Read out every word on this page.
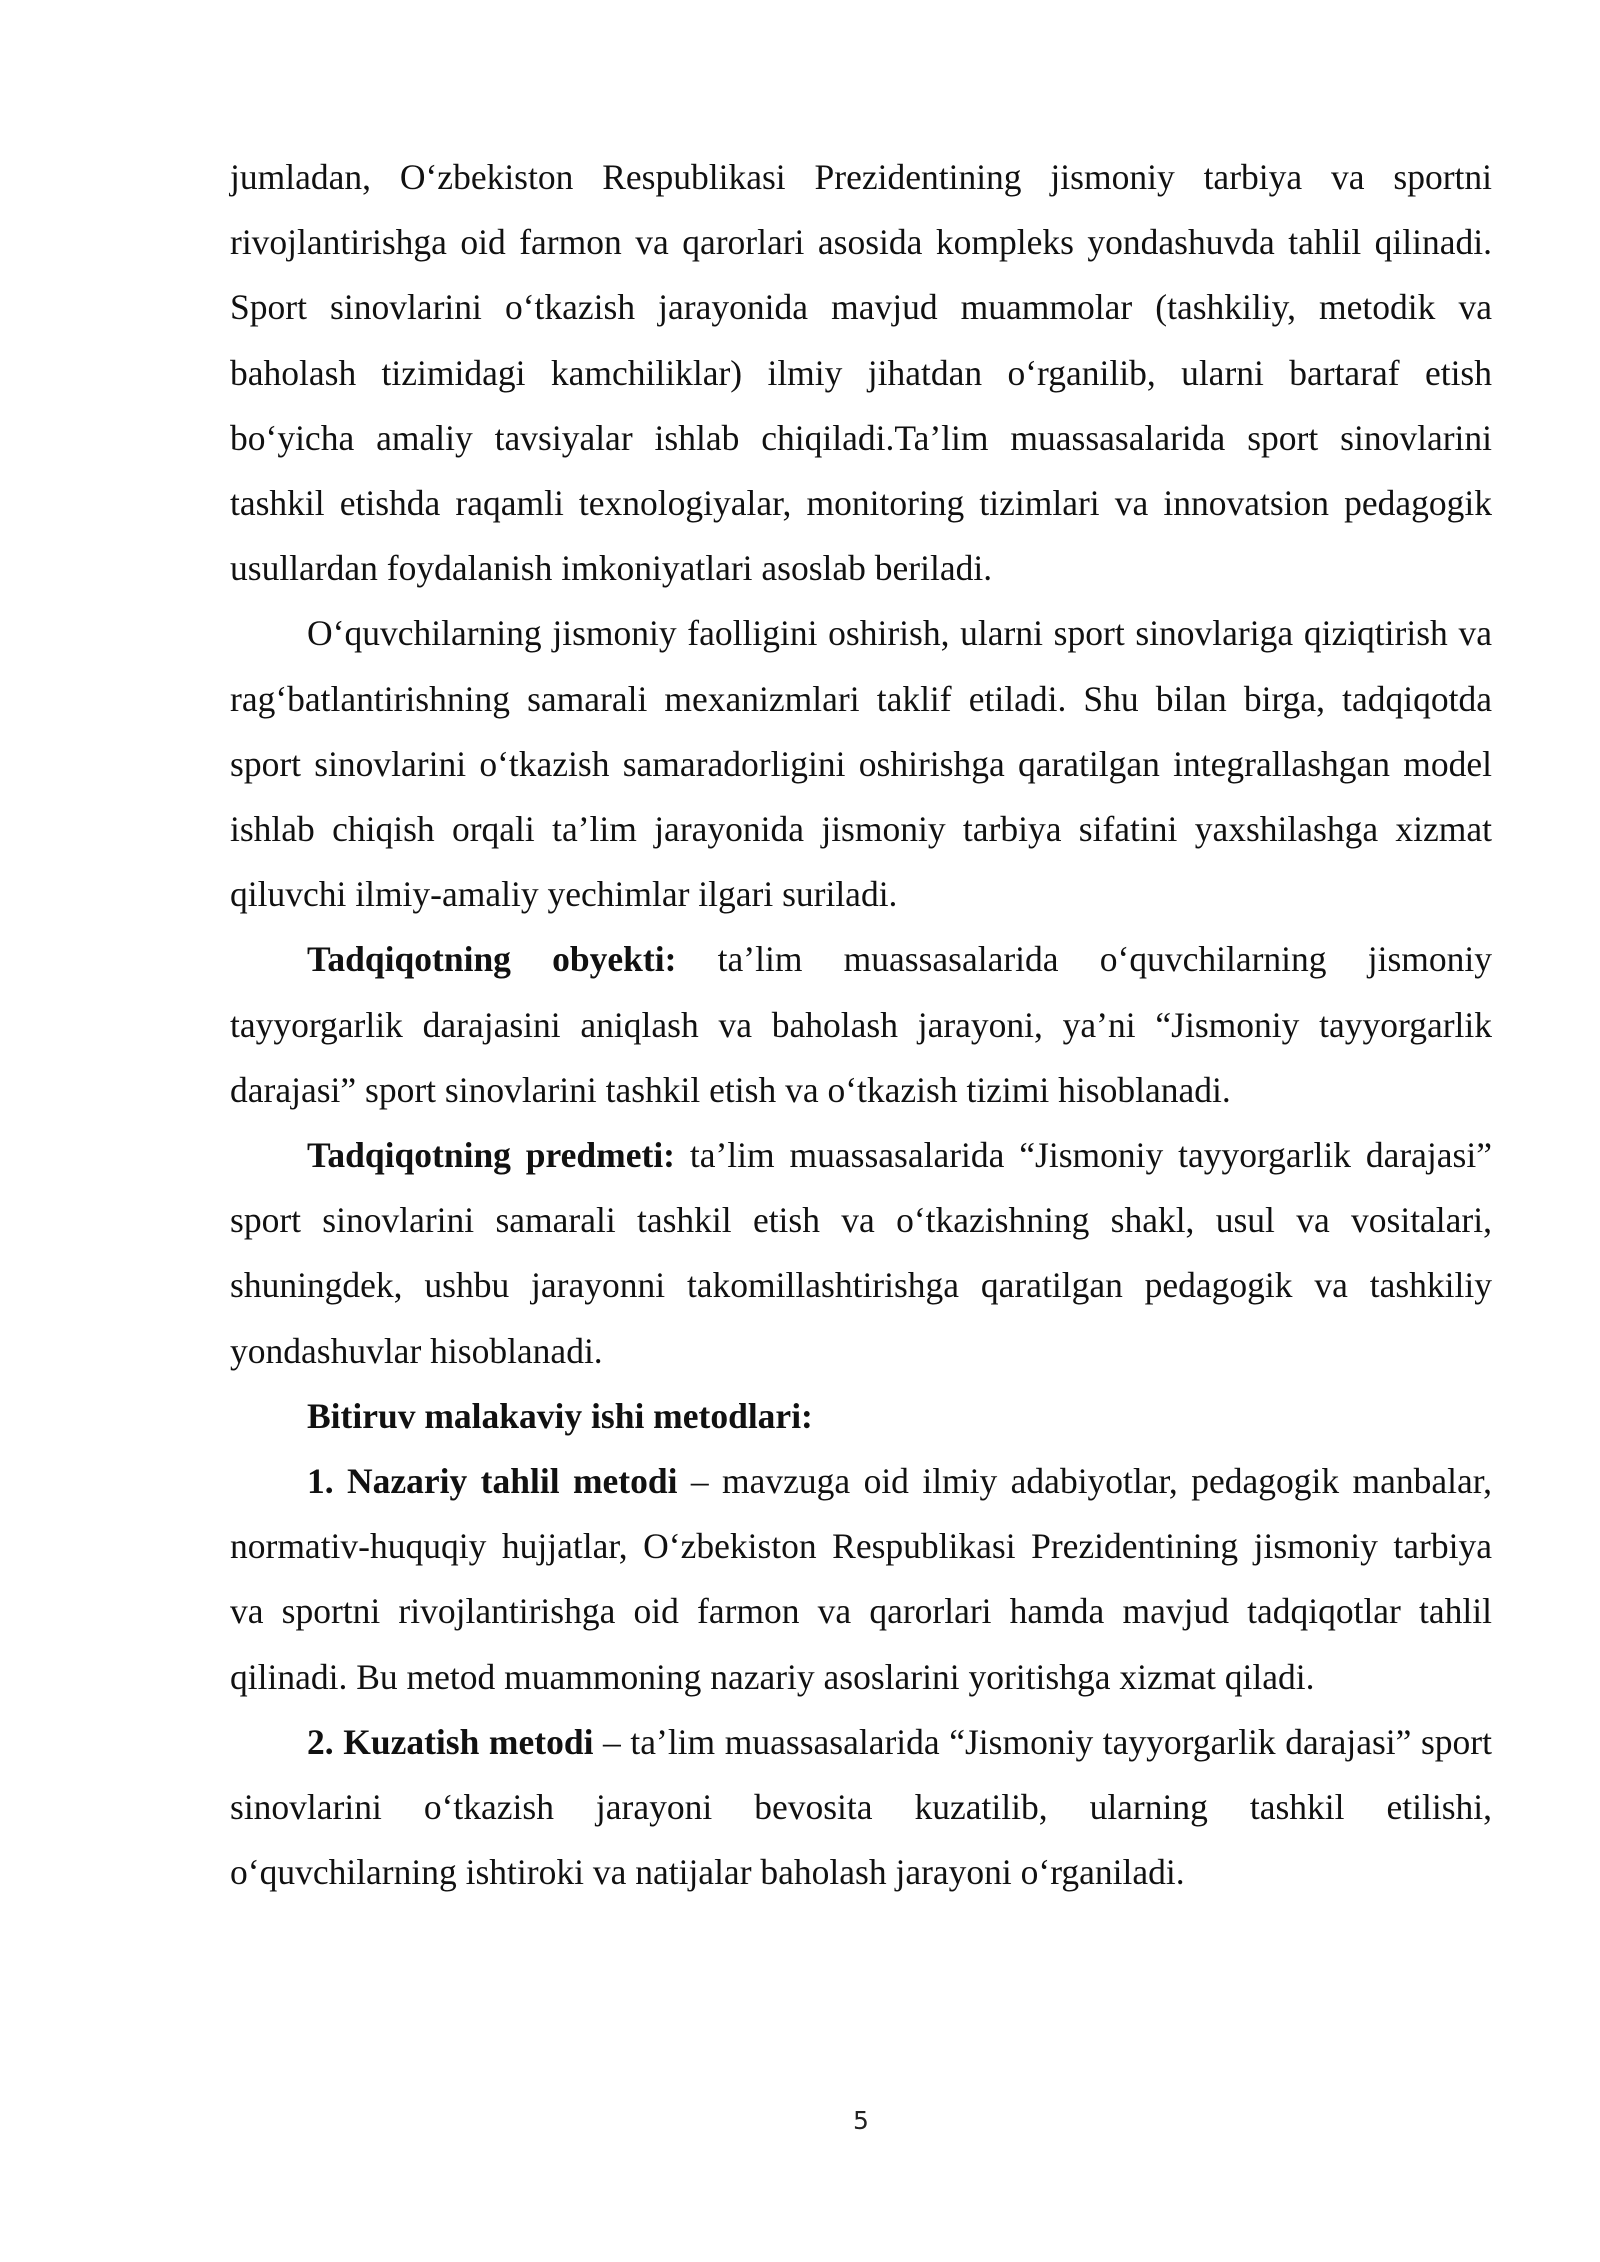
jumladan, O‘zbekiston Respublikasi Prezidentining jismoniy tarbiya va sportni rivojlantirishga oid farmon va qarorlari asosida kompleks yondashuvda tahlil qilinadi. Sport sinovlarini o‘tkazish jarayonida mavjud muammolar (tashkiliy, metodik va baholash tizimidagi kamchiliklar) ilmiy jihatdan o‘rganilib, ularni bartaraf etish bo‘yicha amaliy tavsiyalar ishlab chiqiladi.Ta’lim muassasalarida sport sinovlarini tashkil etishda raqamli texnologiyalar, monitoring tizimlari va innovatsion pedagogik usullardan foydalanish imkoniyatlari asoslab beriladi.

O‘quvchilarning jismoniy faolligini oshirish, ularni sport sinovlariga qiziqtirish va rag‘batlantirishning samarali mexanizmlari taklif etiladi. Shu bilan birga, tadqiqotda sport sinovlarini o‘tkazish samaradorligini oshirishga qaratilgan integrallashgan model ishlab chiqish orqali ta’lim jarayonida jismoniy tarbiya sifatini yaxshilashga xizmat qiluvchi ilmiy-amaliy yechimlar ilgari suriladi.

Tadqiqotning obyekti: ta’lim muassasalarida o‘quvchilarning jismoniy tayyorgarlik darajasini aniqlash va baholash jarayoni, ya’ni “Jismoniy tayyorgarlik darajasi” sport sinovlarini tashkil etish va o‘tkazish tizimi hisoblanadi.

Tadqiqotning predmeti: ta’lim muassasalarida “Jismoniy tayyorgarlik darajasi” sport sinovlarini samarali tashkil etish va o‘tkazishning shakl, usul va vositalari, shuningdek, ushbu jarayonni takomillashtirishga qaratilgan pedagogik va tashkiliy yondashuvlar hisoblanadi.

Bitiruv malakaviy ishi metodlari:

1. Nazariy tahlil metodi – mavzuga oid ilmiy adabiyotlar, pedagogik manbalar, normativ-huquqiy hujjatlar, O‘zbekiston Respublikasi Prezidentining jismoniy tarbiya va sportni rivojlantirishga oid farmon va qarorlari hamda mavjud tadqiqotlar tahlil qilinadi. Bu metod muammoning nazariy asoslarini yoritishga xizmat qiladi.

2. Kuzatish metodi – ta’lim muassasalarida “Jismoniy tayyorgarlik darajasi” sport sinovlarini o‘tkazish jarayoni bevosita kuzatilib, ularning tashkil etilishi, o‘quvchilarning ishtiroki va natijalar baholash jarayoni o‘rganiladi.

5
